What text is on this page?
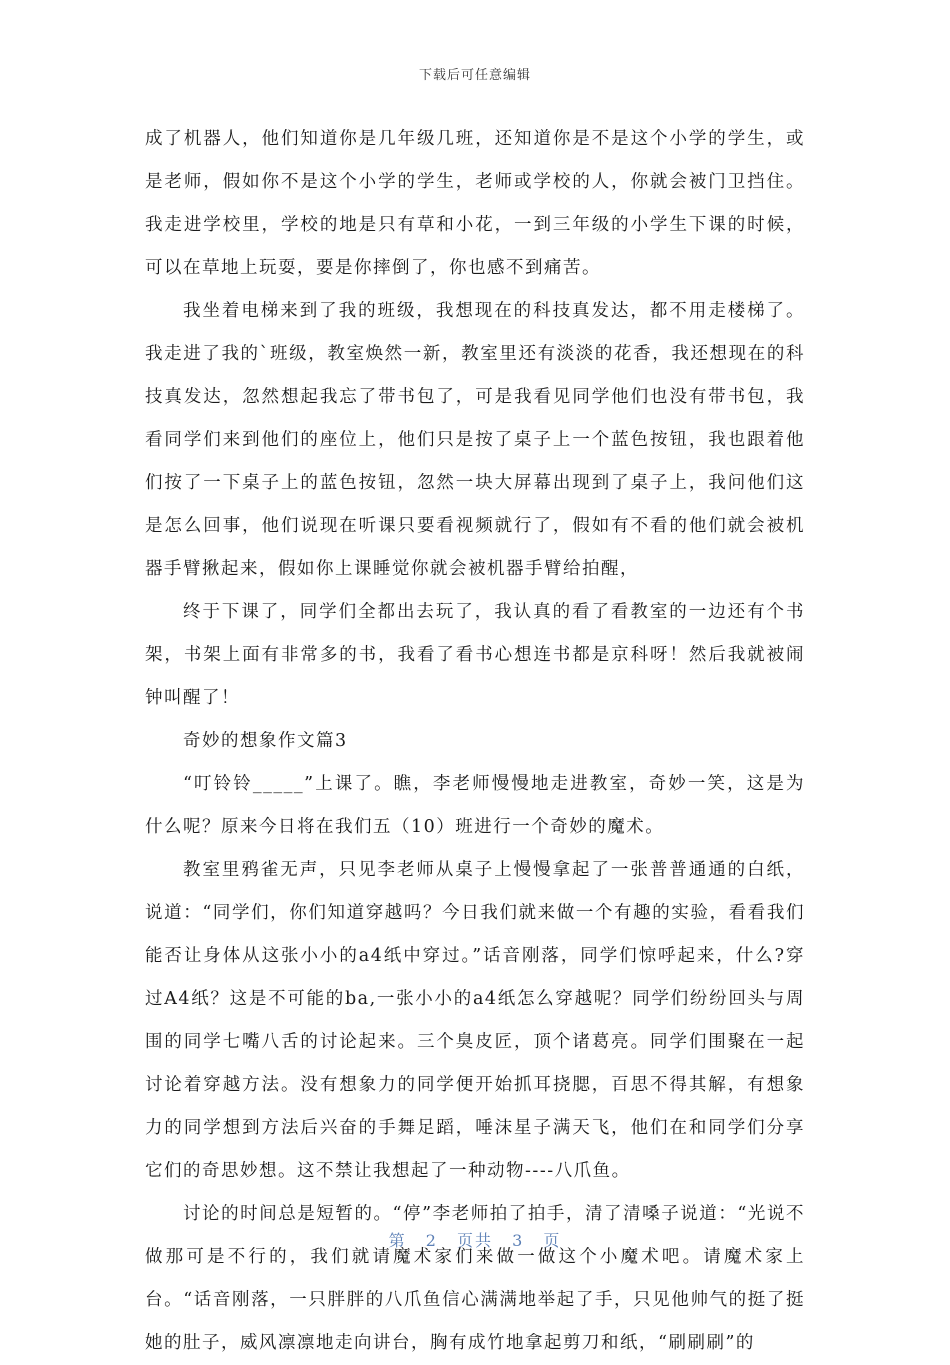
下载后可任意编辑

成了机器人，他们知道你是几年级几班，还知道你是不是这个小学的学生，或是老师，假如你不是这个小学的学生，老师或学校的人，你就会被门卫挡住。我走进学校里，学校的地是只有草和小花，一到三年级的小学生下课的时候，可以在草地上玩耍，要是你摔倒了，你也感不到痛苦。

我坐着电梯来到了我的班级，我想现在的科技真发达，都不用走楼梯了。我走进了我的`班级，教室焕然一新，教室里还有淡淡的花香，我还想现在的科技真发达，忽然想起我忘了带书包了，可是我看见同学他们也没有带书包，我看同学们来到他们的座位上，他们只是按了桌子上一个蓝色按钮，我也跟着他们按了一下桌子上的蓝色按钮，忽然一块大屏幕出现到了桌子上，我问他们这是怎么回事，他们说现在听课只要看视频就行了，假如有不看的他们就会被机器手臂揪起来，假如你上课睡觉你就会被机器手臂给拍醒，

终于下课了，同学们全都出去玩了，我认真的看了看教室的一边还有个书架，书架上面有非常多的书，我看了看书心想连书都是京科呀！然后我就被闹钟叫醒了！

奇妙的想象作文篇3

“叮铃铃_____”上课了。瞧，李老师慢慢地走进教室，奇妙一笑，这是为什么呢？原来今日将在我们五（10）班进行一个奇妙的魔术。

教室里鸦雀无声，只见李老师从桌子上慢慢拿起了一张普普通通的白纸，说道：“同学们，你们知道穿越吗？今日我们就来做一个有趣的实验，看看我们能否让身体从这张小小的a4纸中穿过。”话音刚落，同学们惊呼起来，什么?穿过A4纸？这是不可能的ba,一张小小的a4纸怎么穿越呢？同学们纷纷回头与周围的同学七嘴八舌的讨论起来。三个臭皮匠，顶个诸葛亮。同学们围聚在一起讨论着穿越方法。没有想象力的同学便开始抓耳挠腮，百思不得其解，有想象力的同学想到方法后兴奋的手舞足蹈，唾沫星子满天飞，他们在和同学们分享它们的奇思妙想。这不禁让我想起了一种动物----八爪鱼。

讨论的时间总是短暂的。“停”李老师拍了拍手，清了清嗓子说道：“光说不做那可是不行的，我们就请魔术家们来做一做这个小魔术吧。请魔术家上台。“话音刚落，一只胖胖的八爪鱼信心满满地举起了手，只见他帅气的挺了挺她的肚子，威风凛凛地走向讲台，胸有成竹地拿起剪刀和纸，“刷刷刷”的

第 2 页共 3 页
